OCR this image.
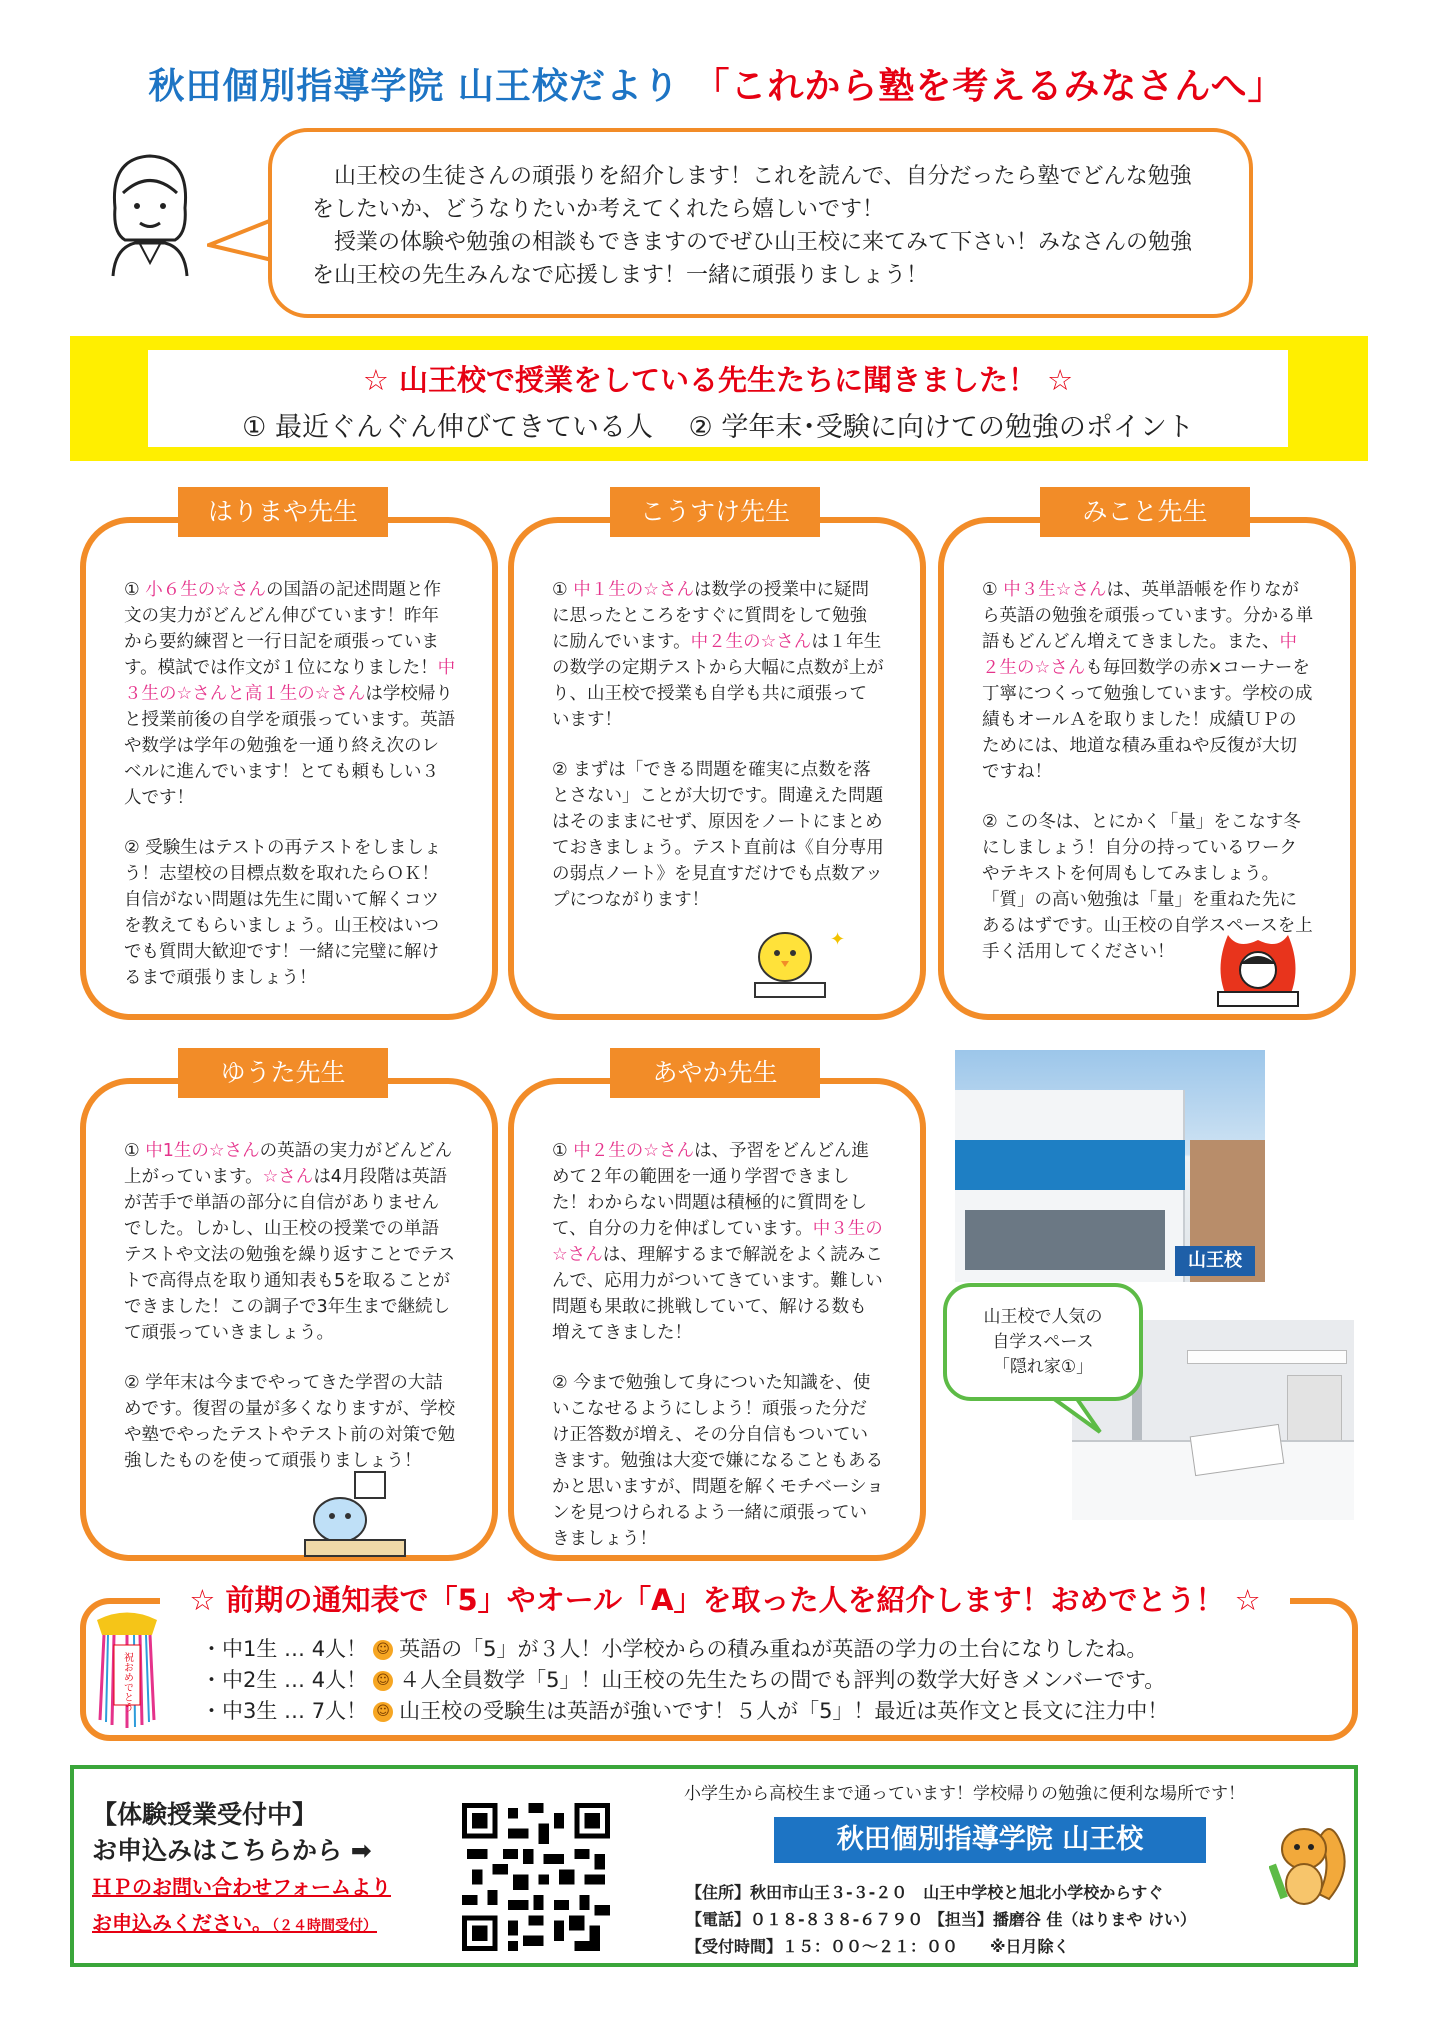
秋田個別指導学院 山王校だより 「これから塾を考えるみなさんへ」

山王校の生徒さんの頑張りを紹介します！これを読んで、自分だったら塾でどんな勉強をしたいか、どうなりたいか考えてくれたら嬉しいです！

授業の体験や勉強の相談もできますのでぜひ山王校に来てみて下さい！みなさんの勉強を山王校の先生みんなで応援します！一緒に頑張りましょう！

☆ 山王校で授業をしている先生たちに聞きました！ ☆
① 最近ぐんぐん伸びてきている人　 ② 学年末･受験に向けての勉強のポイント

① 小６生の☆さんの国語の記述問題と作文の実力がどんどん伸びています！昨年から要約練習と一行日記を頑張っています。模試では作文が１位になりました！中３生の☆さんと高１生の☆さんは学校帰りと授業前後の自学を頑張っています。英語や数学は学年の勉強を一通り終え次のレベルに進んでいます！とても頼もしい３人です！

② 受験生はテストの再テストをしましょう！志望校の目標点数を取れたらＯＫ！自信がない問題は先生に聞いて解くコツを教えてもらいましょう。山王校はいつでも質問大歓迎です！一緒に完璧に解けるまで頑張りましょう！

はりまや先生

① 中１生の☆さんは数学の授業中に疑問に思ったところをすぐに質問をして勉強に励んでいます。中２生の☆さんは１年生の数学の定期テストから大幅に点数が上がり、山王校で授業も自学も共に頑張っています！

② まずは「できる問題を確実に点数を落とさない」ことが大切です。間違えた問題はそのままにせず、原因をノートにまとめておきましょう。テスト直前は《自分専用の弱点ノート》を見直すだけでも点数アップにつながります！

こうすけ先生
✦

① 中３生☆さんは、英単語帳を作りながら英語の勉強を頑張っています。分かる単語もどんどん増えてきました。また、中２生の☆さんも毎回数学の赤×コーナーを丁寧につくって勉強しています。学校の成績もオールＡを取りました！成績ＵＰのためには、地道な積み重ねや反復が大切ですね！

② この冬は、とにかく「量」をこなす冬にしましょう！自分の持っているワークやテキストを何周もしてみましょう。「質」の高い勉強は「量」を重ねた先にあるはずです。山王校の自学スペースを上手く活用してください！

みこと先生

① 中1生の☆さんの英語の実力がどんどん上がっています。☆さんは4月段階は英語が苦手で単語の部分に自信がありませんでした。しかし、山王校の授業での単語テストや文法の勉強を繰り返すことでテストで高得点を取り通知表も5を取ることができました！この調子で3年生まで継続して頑張っていきましょう。

② 学年末は今までやってきた学習の大詰めです。復習の量が多くなりますが、学校や塾でやったテストやテスト前の対策で勉強したものを使って頑張りましょう！

ゆうた先生

① 中２生の☆さんは、予習をどんどん進めて２年の範囲を一通り学習できました！わからない問題は積極的に質問をして、自分の力を伸ばしています。中３生の☆さんは、理解するまで解説をよく読みこんで、応用力がついてきています。難しい問題も果敢に挑戦していて、解ける数も増えてきました！

② 今まで勉強して身についた知識を、使いこなせるようにしよう！頑張った分だけ正答数が増え、その分自信もついていきます。勉強は大変で嫌になることもあるかと思いますが、問題を解くモチベーションを見つけられるよう一緒に頑張っていきましょう！

あやか先生
山王校
山王校で人気の
自学スペース
「隠れ家①」
・中1生 … 4人！ ☺ 英語の「5」が３人！小学校からの積み重ねが英語の学力の土台になりしたね。
・中2生 … 4人！ ☺ ４人全員数学「5」！山王校の先生たちの間でも評判の数学大好きメンバーです。
・中3生 … 7人！ ☺ 山王校の受験生は英語が強いです！５人が「5」！最近は英作文と長文に注力中！
☆ 前期の通知表で「5」やオール「A」を取った人を紹介します！おめでとう！ ☆
祝おめでとう
【体験授業受付中】
お申込みはこちらから ➡
ＨＰのお問い合わせフォームより
お申込みください。（２４時間受付）
小学生から高校生まで通っています！学校帰りの勉強に便利な場所です！
秋田個別指導学院 山王校
【住所】秋田市山王３-３-２０　山王中学校と旭北小学校からすぐ
【電話】０１８-８３８-６７９０ 【担当】播磨谷 佳（はりまや けい）
【受付時間】１５：００～２１：００　　※日月除く
